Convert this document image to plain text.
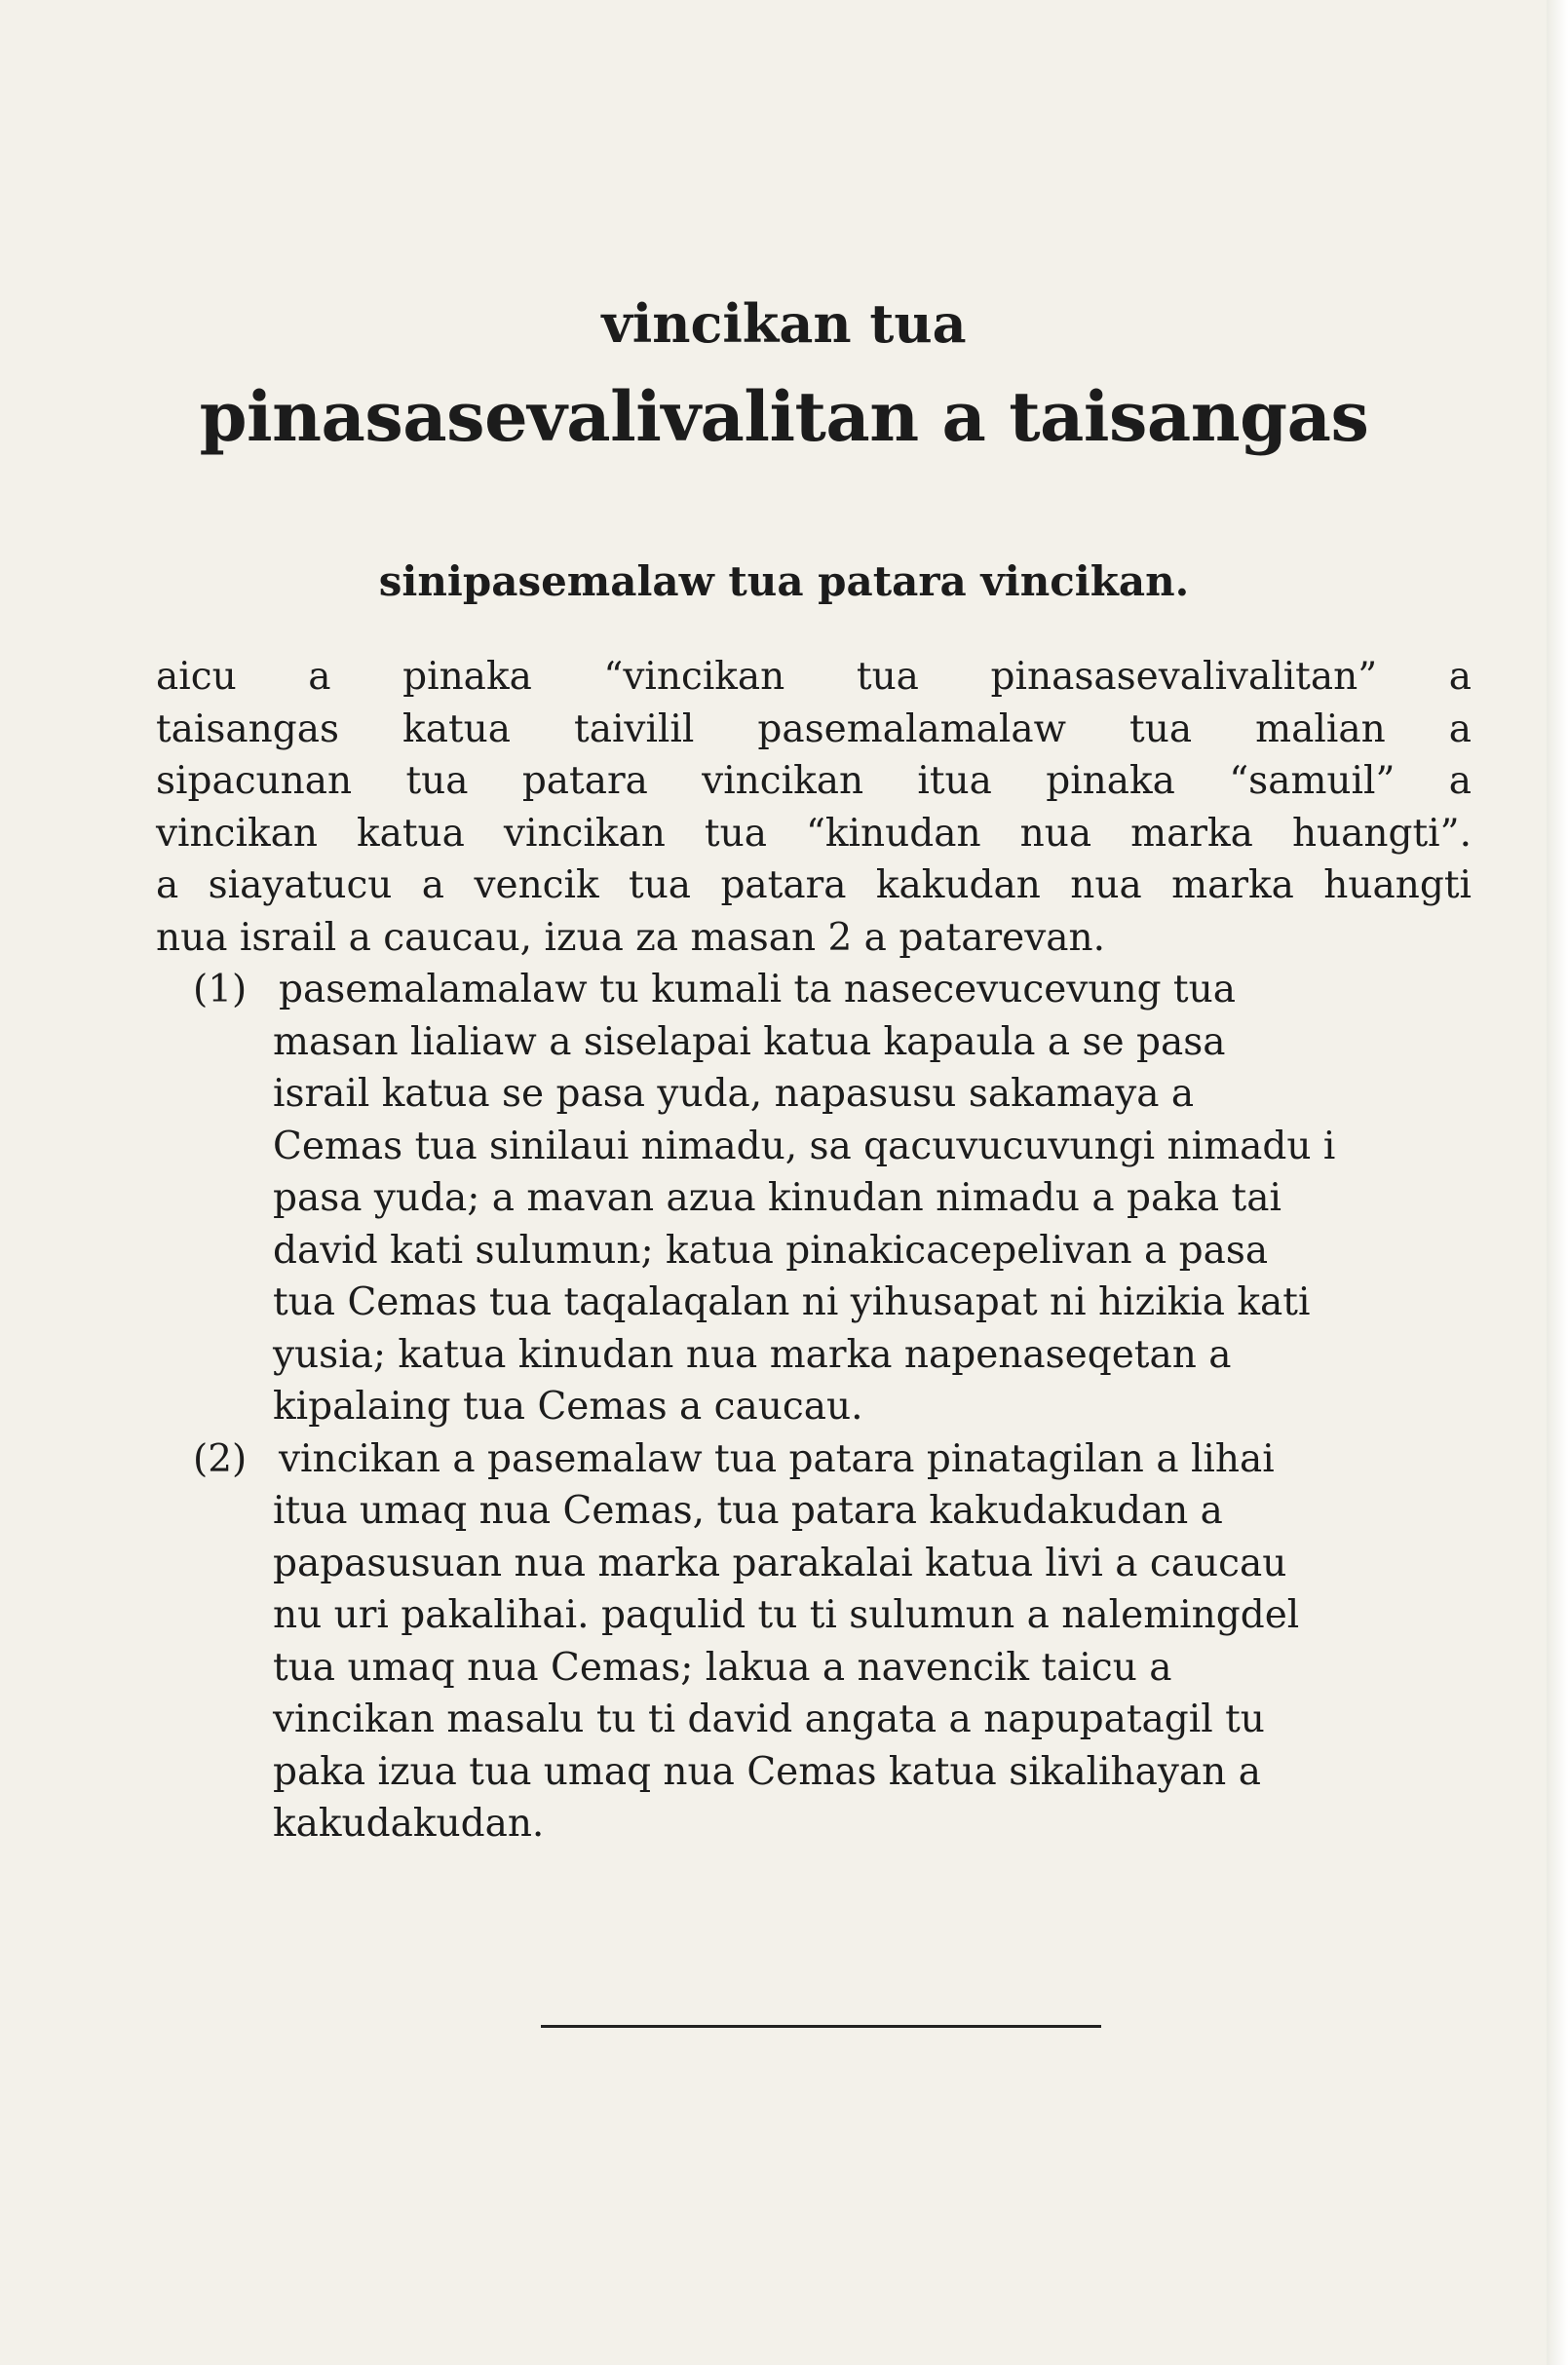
vincikan tua
pinasasevalivalitan a taisangas
sinipasemalaw tua patara vincikan.
aicu a pinaka “vincikan tua pinasasevalivalitan” a
taisangas katua taivilil pasemalamalaw tua malian a
sipacunan tua patara vincikan itua pinaka “samuil” a
vincikan katua vincikan tua “kinudan nua marka huangti”.
a siayatucu a vencik tua patara kakudan nua marka huangti
nua israil a caucau, izua za masan 2 a patarevan.
(1) pasemalamalaw tu kumali ta nasecevucevung tua
masan lialiaw a siselapai katua kapaula a se pasa
israil katua se pasa yuda, napasusu sakamaya a
Cemas tua sinilaui nimadu, sa qacuvucuvungi nimadu i
pasa yuda; a mavan azua kinudan nimadu a paka tai
david kati sulumun; katua pinakicacepelivan a pasa
tua Cemas tua taqalaqalan ni yihusapat ni hizikia kati
yusia; katua kinudan nua marka napenaseqetan a
kipalaing tua Cemas a caucau.
(2) vincikan a pasemalaw tua patara pinatagilan a lihai
itua umaq nua Cemas, tua patara kakudakudan a
papasusuan nua marka parakalai katua livi a caucau
nu uri pakalihai. paqulid tu ti sulumun a nalemingdel
tua umaq nua Cemas; lakua a navencik taicu a
vincikan masalu tu ti david angata a napupatagil tu
paka izua tua umaq nua Cemas katua sikalihayan a
kakudakudan.
